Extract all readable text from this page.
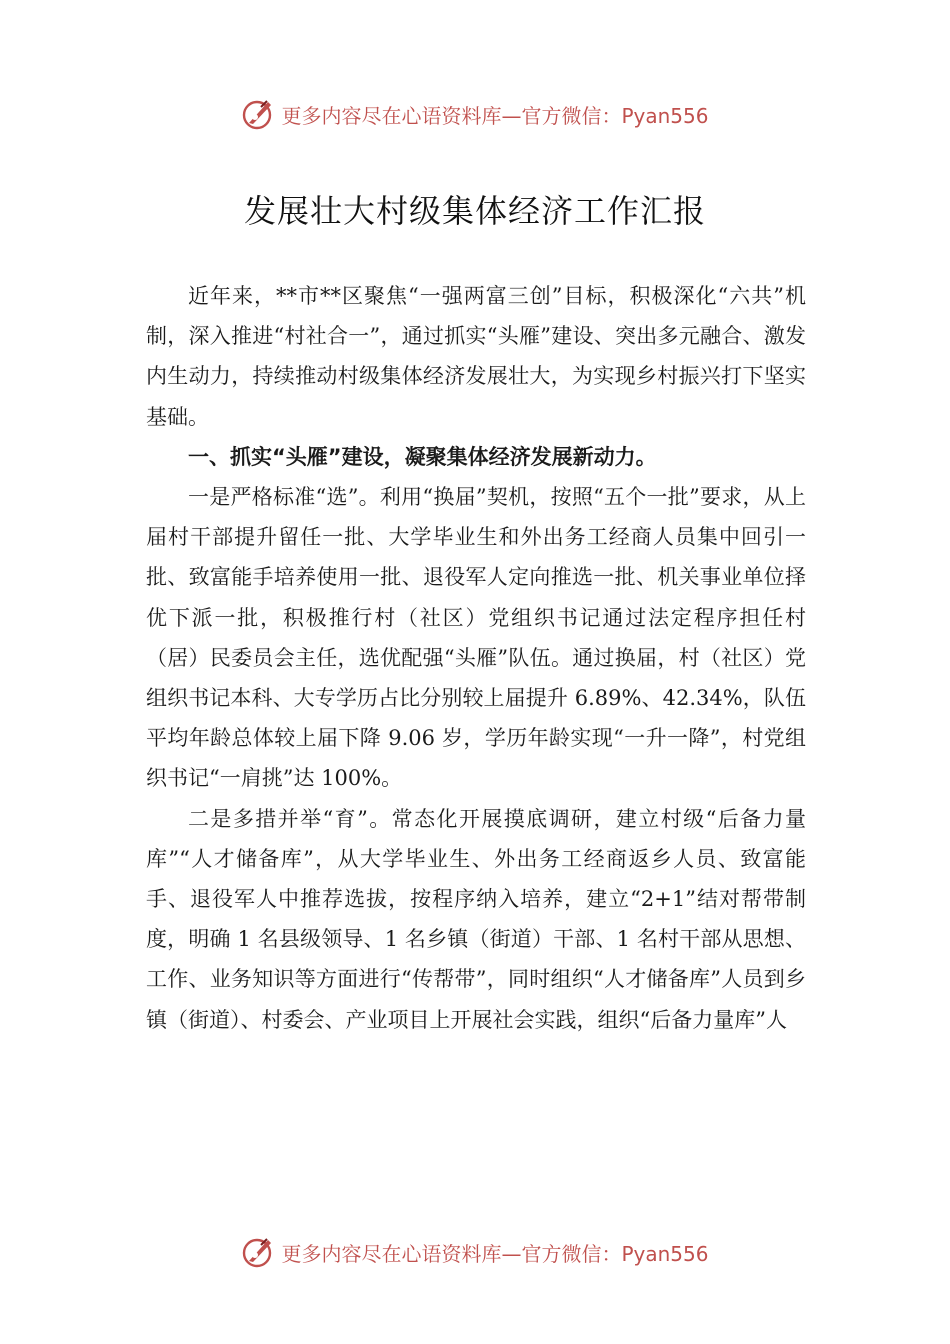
更多内容尽在心语资料库—官方微信：Pyan556
发展壮大村级集体经济工作汇报

近年来，**市**区聚焦“一强两富三创”目标，积极深化“六共”机制，深入推进“村社合一”，通过抓实“头雁”建设、突出多元融合、激发内生动力，持续推动村级集体经济发展壮大，为实现乡村振兴打下坚实基础。

一、抓实“头雁”建设，凝聚集体经济发展新动力。

一是严格标准“选”。利用“换届”契机，按照“五个一批”要求，从上届村干部提升留任一批、大学毕业生和外出务工经商人员集中回引一批、致富能手培养使用一批、退役军人定向推选一批、机关事业单位择优下派一批，积极推行村（社区）党组织书记通过法定程序担任村（居）民委员会主任，选优配强“头雁”队伍。通过换届，村（社区）党组织书记本科、大专学历占比分别较上届提升 6.89%、42.34%，队伍平均年龄总体较上届下降 9.06 岁，学历年龄实现“一升一降”，村党组织书记“一肩挑”达 100%。

二是多措并举“育”。常态化开展摸底调研，建立村级“后备力量库”“人才储备库”，从大学毕业生、外出务工经商返乡人员、致富能手、退役军人中推荐选拔，按程序纳入培养，建立“2+1”结对帮带制度，明确 1 名县级领导、1 名乡镇（街道）干部、1 名村干部从思想、工作、业务知识等方面进行“传帮带”，同时组织“人才储备库”人员到乡镇（街道）、村委会、产业项目上开展社会实践，组织“后备力量库”人

更多内容尽在心语资料库—官方微信：Pyan556
